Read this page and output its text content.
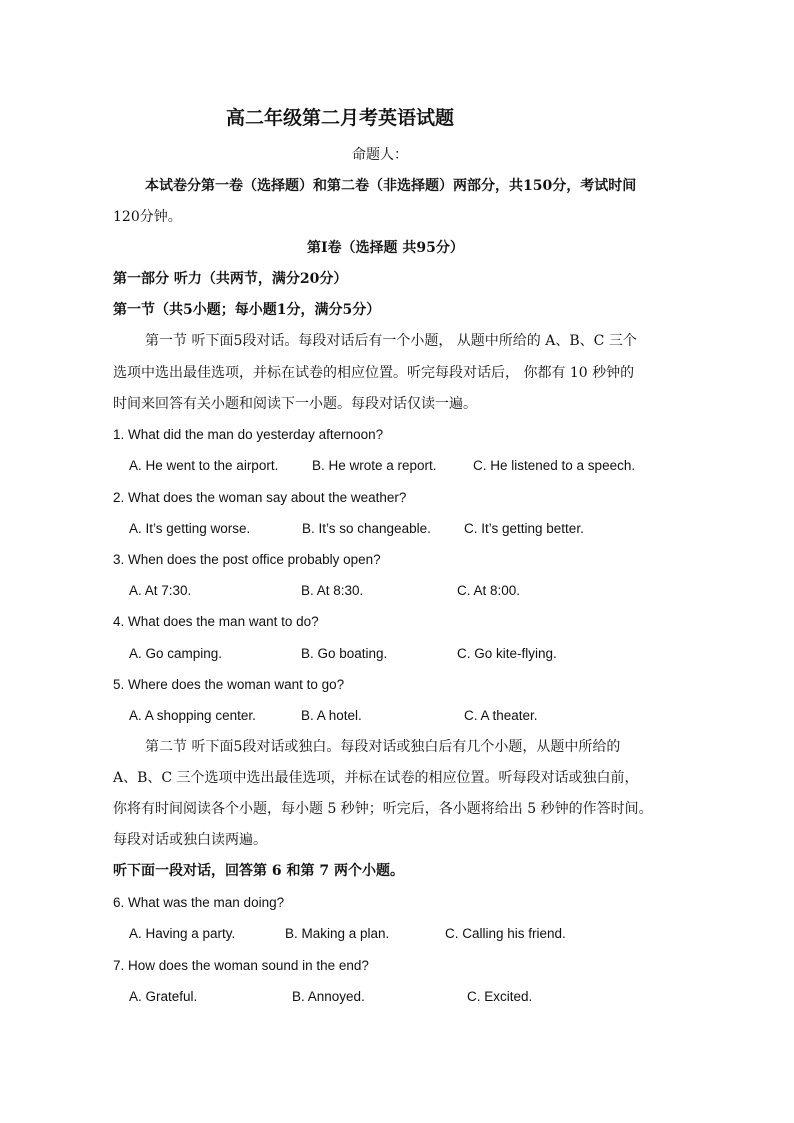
高二年级第二月考英语试题
命题人：
本试卷分第一卷（选择题）和第二卷（非选择题）两部分，共150分，考试时间
120分钟。
第Ⅰ卷（选择题 共95分）
第一部分 听力（共两节，满分20分）
第一节（共5小题；每小题1分，满分5分）
第一节 听下面5段对话。每段对话后有一个小题， 从题中所给的 A、B、C 三个
选项中选出最佳选项，并标在试卷的相应位置。听完每段对话后， 你都有 10 秒钟的
时间来回答有关小题和阅读下一小题。每段对话仅读一遍。
1. What did the man do yesterday afternoon?
A. He went to the airport. B. He wrote a report.	C. He listened to a speech.
2. What does the woman say about the weather?
A. It’s getting worse.	B. It’s so changeable. C. It’s getting better.
3. When does the post office probably open?
A. At 7:30.	B. At 8:30.	C. At 8:00.
4. What does the man want to do?
A. Go camping.	B. Go boating.	C. Go kite-flying.
5. Where does the woman want to go?
A. A shopping center.	B. A hotel.	C. A theater.
第二节 听下面5段对话或独白。每段对话或独白后有几个小题，从题中所给的
A、B、C 三个选项中选出最佳选项，并标在试卷的相应位置。听每段对话或独白前，
你将有时间阅读各个小题，每小题 5 秒钟；听完后，各小题将给出 5 秒钟的作答时间。
每段对话或独白读两遍。
听下面一段对话，回答第 6 和第 7 两个小题。
6. What was the man doing?
A. Having a party.	B. Making a plan.	C. Calling his friend.
7. How does the woman sound in the end?
A. Grateful.	B. Annoyed.	C. Excited.
